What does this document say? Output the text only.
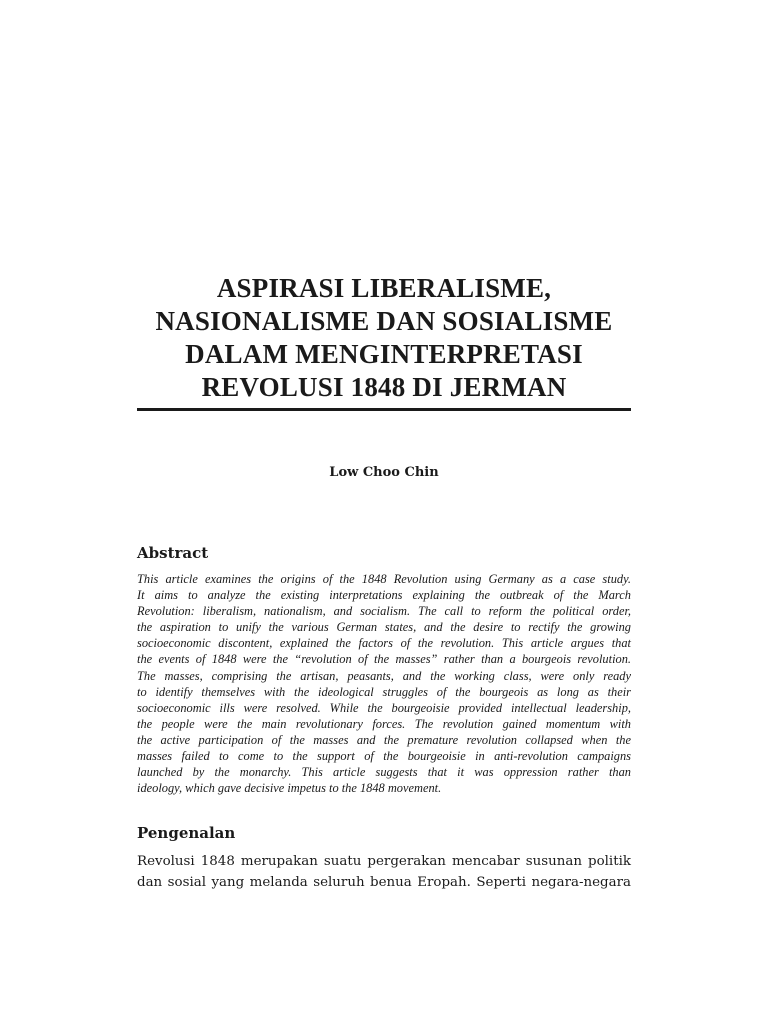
ASPIRASI LIBERALISME,
NASIONALISME DAN SOSIALISME
DALAM MENGINTERPRETASI
REVOLUSI 1848 DI JERMAN
Low Choo Chin
Abstract
This article examines the origins of the 1848 Revolution using Germany as a case study.
It aims to analyze the existing interpretations explaining the outbreak of the March
Revolution: liberalism, nationalism, and socialism. The call to reform the political order,
the aspiration to unify the various German states, and the desire to rectify the growing
socioeconomic discontent, explained the factors of the revolution. This article argues that
the events of 1848 were the “revolution of the masses” rather than a bourgeois revolution.
The masses, comprising the artisan, peasants, and the working class, were only ready
to identify themselves with the ideological struggles of the bourgeois as long as their
socioeconomic ills were resolved. While the bourgeoisie provided intellectual leadership,
the people were the main revolutionary forces. The revolution gained momentum with
the active participation of the masses and the premature revolution collapsed when the
masses failed to come to the support of the bourgeoisie in anti-revolution campaigns
launched by the monarchy. This article suggests that it was oppression rather than
ideology, which gave decisive impetus to the 1848 movement.
Pengenalan
Revolusi 1848 merupakan suatu pergerakan mencabar susunan politik
dan sosial yang melanda seluruh benua Eropah. Seperti negara-negara
